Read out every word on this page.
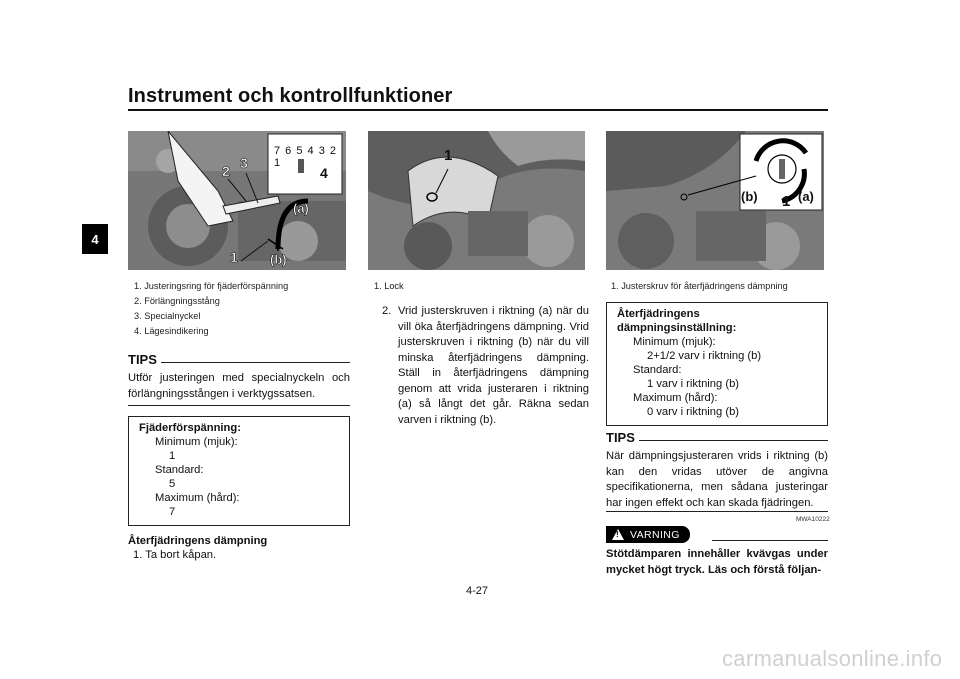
Instrument och kontrollfunktioner
4
7 6 5 4 3 2 1
2 3
4
(a)
(b)
1
1. Justeringsring för fjäderförspänning
2. Förlängningsstång
3. Specialnyckel
4. Lägesindikering
TIPS
Utför justeringen med specialnyckeln och förlängningsstången i verktygssatsen.
Fjäderförspänning:
Minimum (mjuk):
1
Standard:
5
Maximum (hård):
7
Återfjädringens dämpning
1. Ta bort kåpan.
1
1. Lock
2. Vrid justerskruven i riktning (a) när du vill öka återfjädringens dämpning. Vrid justerskruven i riktning (b) när du vill minska återfjädringens dämpning. Ställ in återfjädringens dämpning genom att vrida justeraren i riktning (a) så långt det går. Räkna sedan varven i riktning (b).
(b) 1 (a)
1. Justerskruv för återfjädringens dämpning
Återfjädringens dämpningsinställning:
Minimum (mjuk):
2+1/2 varv i riktning (b)
Standard:
1 varv i riktning (b)
Maximum (hård):
0 varv i riktning (b)
TIPS
När dämpningsjusteraren vrids i riktning (b) kan den vridas utöver de angivna specifikationerna, men sådana justeringar har ingen effekt och kan skada fjädringen.
MWA10222
!
VARNING
Stötdämparen innehåller kvävgas under mycket högt tryck. Läs och förstå följan-
4-27
carmanualsonline.info
